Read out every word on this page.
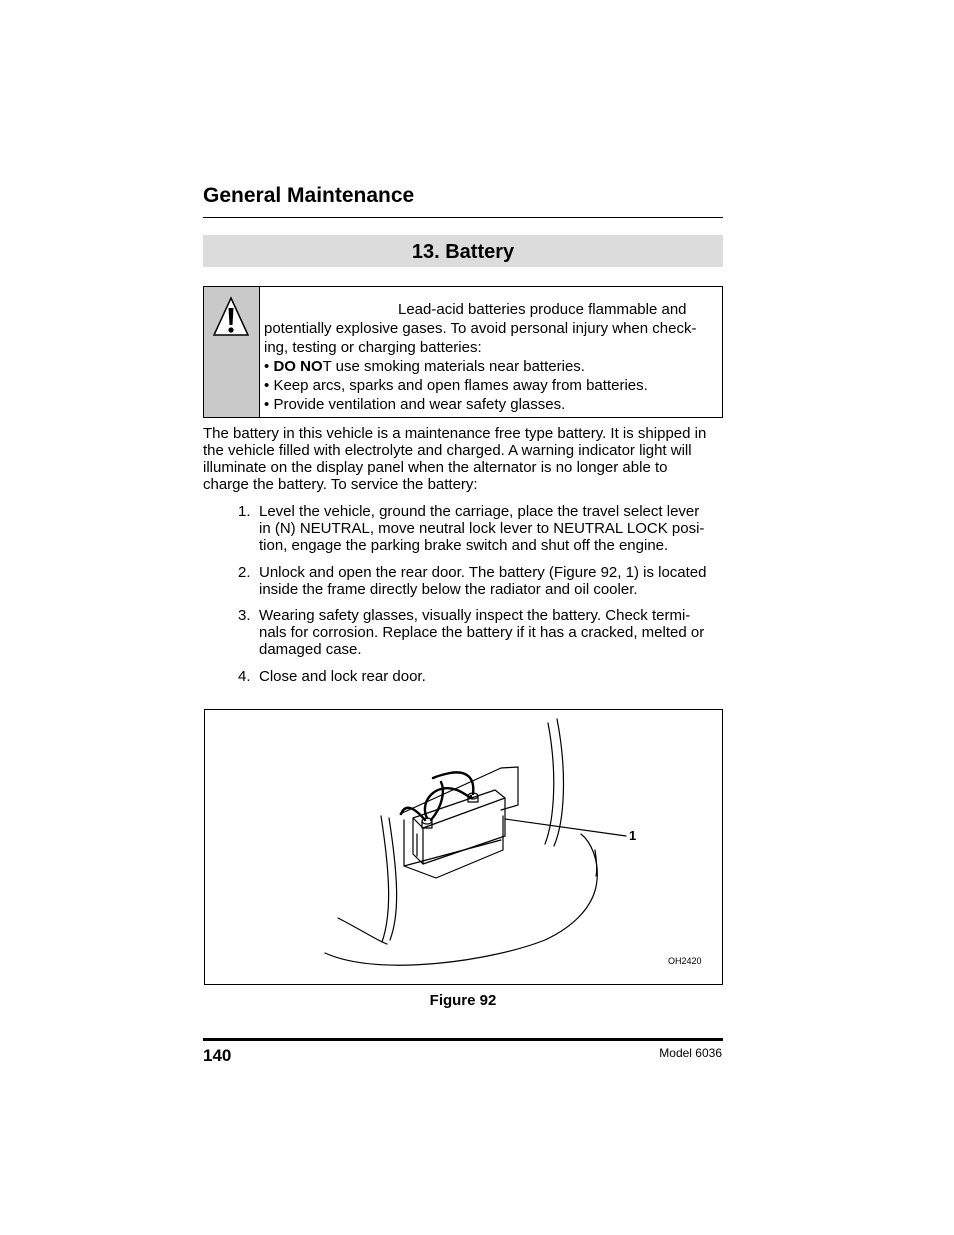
General Maintenance
13. Battery

Lead-acid batteries produce flammable and

potentially explosive gases. To avoid personal injury when check-

ing, testing or charging batteries:

• DO NOT use smoking materials near batteries.

• Keep arcs, sparks and open flames away from batteries.

• Provide ventilation and wear safety glasses.

The battery in this vehicle is a maintenance free type battery. It is shipped in
the vehicle filled with electrolyte and charged. A warning indicator light will
illuminate on the display panel when the alternator is no longer able to
charge the battery. To service the battery:
1. Level the vehicle, ground the carriage, place the travel select lever
in (N) NEUTRAL, move neutral lock lever to NEUTRAL LOCK posi-
tion, engage the parking brake switch and shut off the engine.
2. Unlock and open the rear door. The battery (Figure 92, 1) is located
inside the frame directly below the radiator and oil cooler.
3. Wearing safety glasses, visually inspect the battery. Check termi-
nals for corrosion. Replace the battery if it has a cracked, melted or
damaged case.
4. Close and lock rear door.
1
OH2420
Figure 92
140	Model 6036
